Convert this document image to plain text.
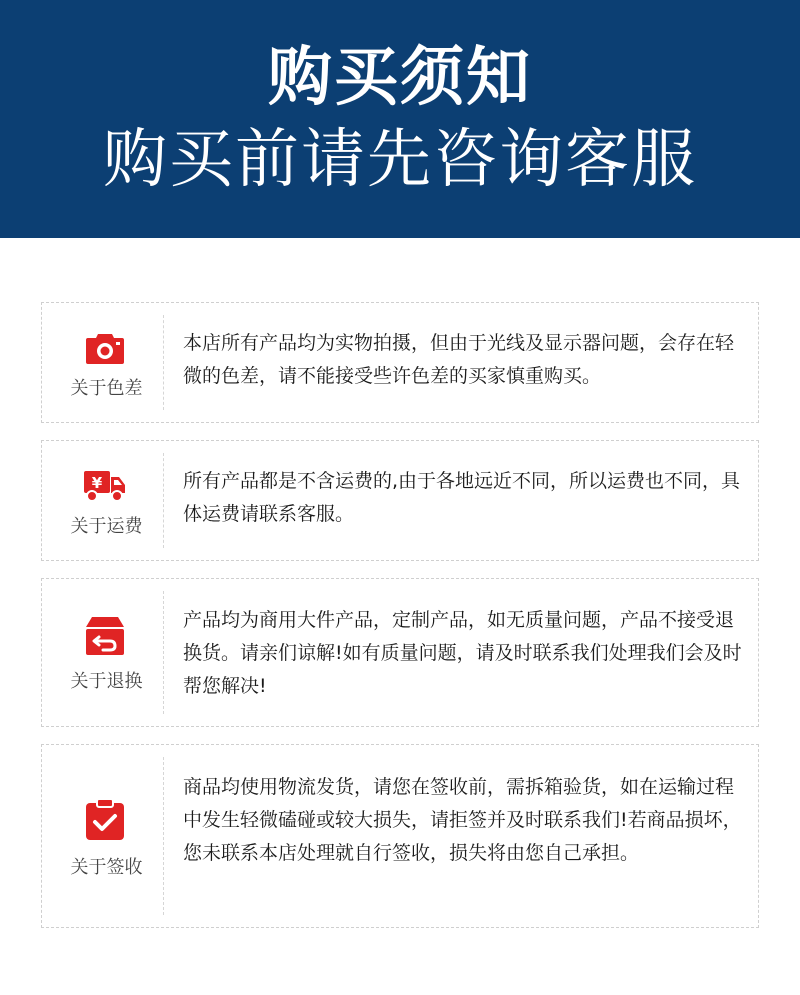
购买须知
购买前请先咨询客服
关于色差
本店所有产品均为实物拍摄，但由于光线及显示器问题，会存在轻微的色差，请不能接受些许色差的买家慎重购买。
¥
关于运费
所有产品都是不含运费的,由于各地远近不同，所以运费也不同，具体运费请联系客服。
关于退换
产品均为商用大件产品，定制产品，如无质量问题，产品不接受退换货。请亲们谅解!如有质量问题，请及时联系我们处理我们会及时帮您解决!
关于签收
商品均使用物流发货，请您在签收前，需拆箱验货，如在运输过程中发生轻微磕碰或较大损失，请拒签并及时联系我们!若商品损坏，您未联系本店处理就自行签收，损失将由您自己承担。
